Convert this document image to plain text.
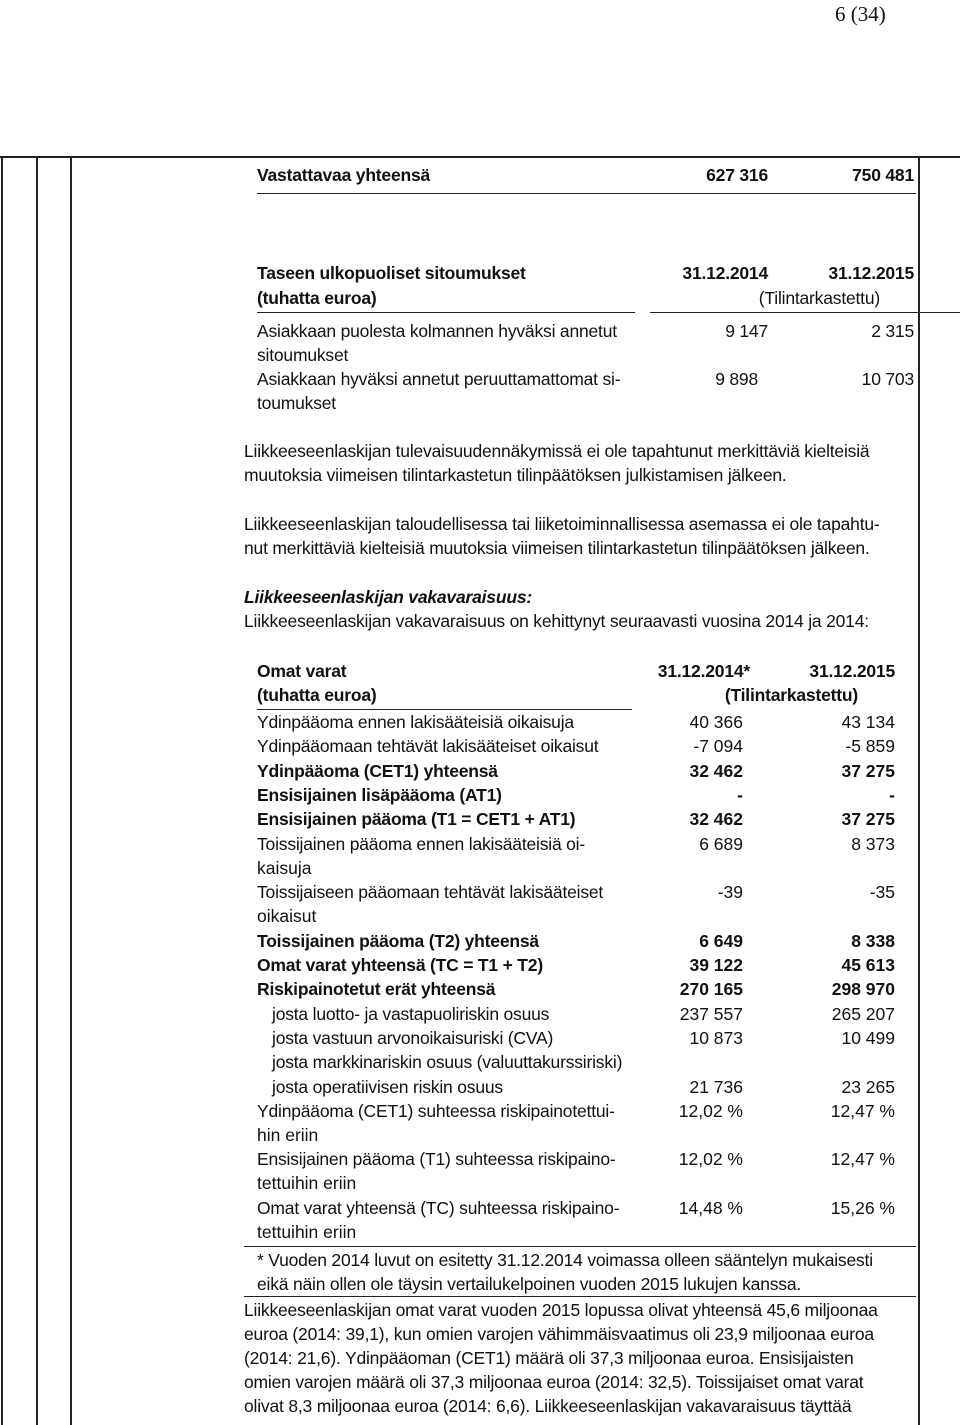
6 (34)
Vastattavaa yhteensä	627 316	750 481
Taseen ulkopuoliset sitoumukset
(tuhatta euroa)
31.12.2014	31.12.2015
(Tilintarkastettu)
Asiakkaan puolesta kolmannen hyväksi annetut
sitoumukset
9 147	2 315
Asiakkaan hyväksi annetut peruuttamattomat si-
toumukset
9 898	10 703
Liikkeeseenlaskijan tulevaisuudennäkymissä ei ole tapahtunut merkittäviä kielteisiä
muutoksia viimeisen tilintarkastetun tilinpäätöksen julkistamisen jälkeen.
Liikkeeseenlaskijan taloudellisessa tai liiketoiminnallisessa asemassa ei ole tapahtu-
nut merkittäviä kielteisiä muutoksia viimeisen tilintarkastetun tilinpäätöksen jälkeen.
Liikkeeseenlaskijan vakavaraisuus:
Liikkeeseenlaskijan vakavaraisuus on kehittynyt seuraavasti vuosina 2014 ja 2014:
Omat varat
(tuhatta euroa)
31.12.2014*	31.12.2015
(Tilintarkastettu)
Ydinpääoma ennen lakisääteisiä oikaisuja	40 366	43 134
Ydinpääomaan tehtävät lakisääteiset oikaisut	-7 094	-5 859
Ydinpääoma (CET1) yhteensä	32 462	37 275
Ensisijainen lisäpääoma (AT1)	-	-
Ensisijainen pääoma (T1 = CET1 + AT1)	32 462	37 275
Toissijainen pääoma ennen lakisääteisiä oi-
kaisuja
6 689	8 373
Toissijaiseen pääomaan tehtävät lakisääteiset
oikaisut
-39	-35
Toissijainen pääoma (T2) yhteensä	6 649	8 338
Omat varat yhteensä (TC = T1 + T2)	39 122	45 613
Riskipainotetut erät yhteensä	270 165	298 970
josta luotto- ja vastapuoliriskin osuus	237 557	265 207
josta vastuun arvonoikaisuriski (CVA)	10 873	10 499
josta markkinariskin osuus (valuuttakurssiriski)
josta operatiivisen riskin osuus	21 736	23 265
Ydinpääoma (CET1) suhteessa riskipainotettui-
hin eriin
12,02 %	12,47 %
Ensisijainen pääoma (T1) suhteessa riskipaino-
tettuihin eriin
12,02 %	12,47 %
Omat varat yhteensä (TC) suhteessa riskipaino-
tettuihin eriin
14,48 %	15,26 %
* Vuoden 2014 luvut on esitetty 31.12.2014 voimassa olleen sääntelyn mukaisesti
eikä näin ollen ole täysin vertailukelpoinen vuoden 2015 lukujen kanssa.
Liikkeeseenlaskijan omat varat vuoden 2015 lopussa olivat yhteensä 45,6 miljoonaa
euroa (2014: 39,1), kun omien varojen vähimmäisvaatimus oli 23,9 miljoonaa euroa
(2014: 21,6). Ydinpääoman (CET1) määrä oli 37,3 miljoonaa euroa. Ensisijaisten
omien varojen määrä oli 37,3 miljoonaa euroa (2014: 32,5). Toissijaiset omat varat
olivat 8,3 miljoonaa euroa (2014: 6,6). Liikkeeseenlaskijan vakavaraisuus täyttää
